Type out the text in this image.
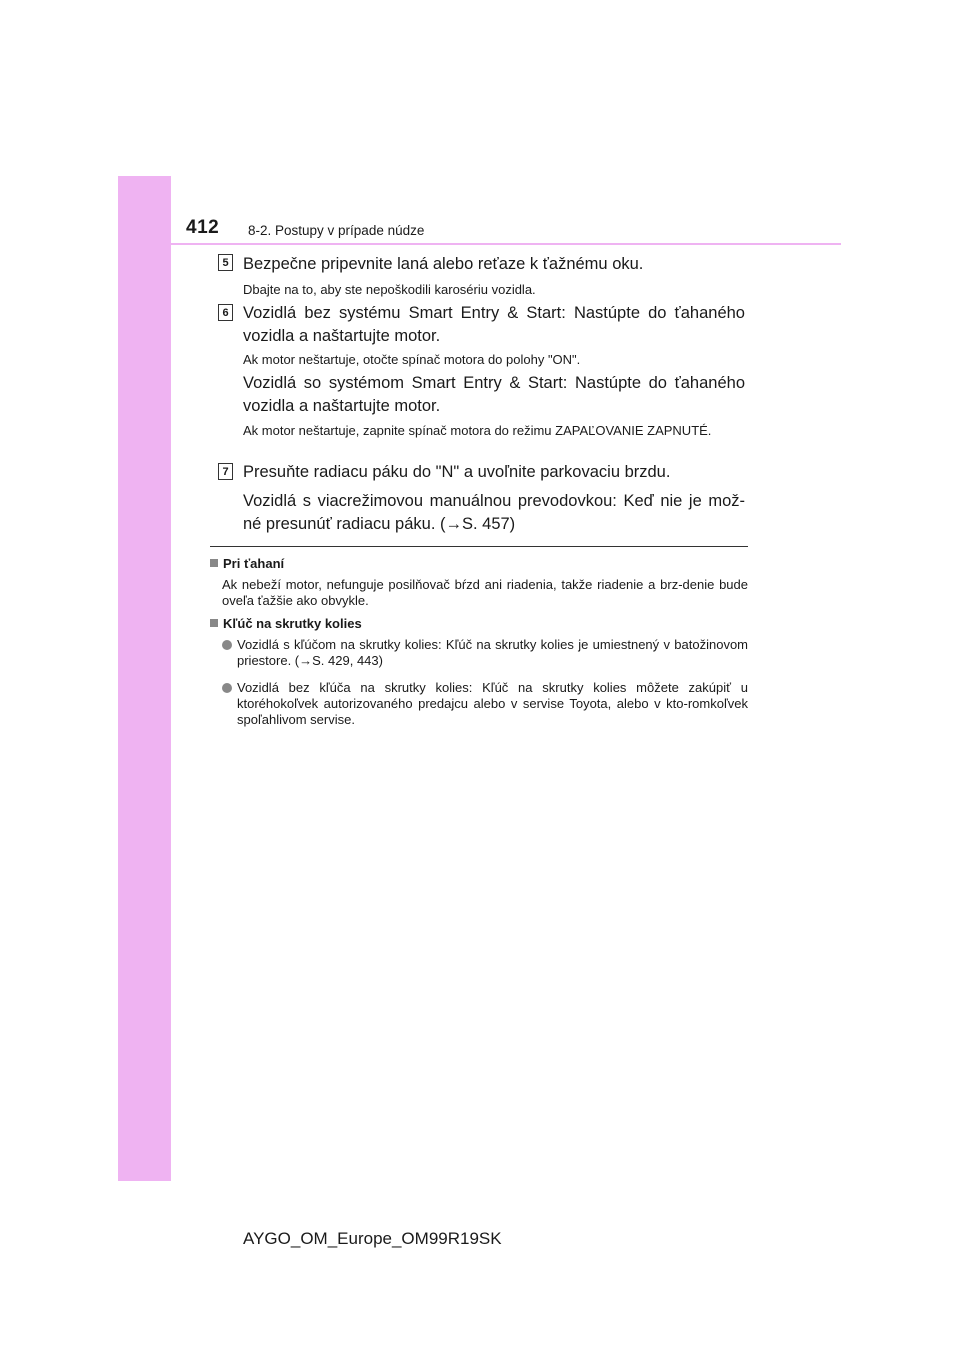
412 8-2. Postupy v prípade núdze
5 Bezpečne pripevnite laná alebo reťaze k ťažnému oku.
Dbajte na to, aby ste nepoškodili karosériu vozidla.
6 Vozidlá bez systému Smart Entry & Start: Nastúpte do ťahaného vozidla a naštartujte motor.
Ak motor neštartuje, otočte spínač motora do polohy "ON".
Vozidlá so systémom Smart Entry & Start: Nastúpte do ťahaného vozidla a naštartujte motor.
Ak motor neštartuje, zapnite spínač motora do režimu ZAPAĽOVANIE ZAPNUTÉ.
7 Presuňte radiacu páku do "N" a uvoľnite parkovaciu brzdu.
Vozidlá s viacrežimovou manuálnou prevodovkou: Keď nie je mož-né presunúť radiacu páku. (→S. 457)
Pri ťahaní
Ak nebeží motor, nefunguje posilňovač bŕzd ani riadenia, takže riadenie a brz-denie bude oveľa ťažšie ako obvykle.
Kľúč na skrutky kolies
Vozidlá s kľúčom na skrutky kolies: Kľúč na skrutky kolies je umiestnený v batožinovom priestore. (→S. 429, 443)
Vozidlá bez kľúča na skrutky kolies: Kľúč na skrutky kolies môžete zakúpiť u ktoréhokoľvek autorizovaného predajcu alebo v servise Toyota, alebo v kto-romkoľvek spoľahlivom servise.
AYGO_OM_Europe_OM99R19SK
